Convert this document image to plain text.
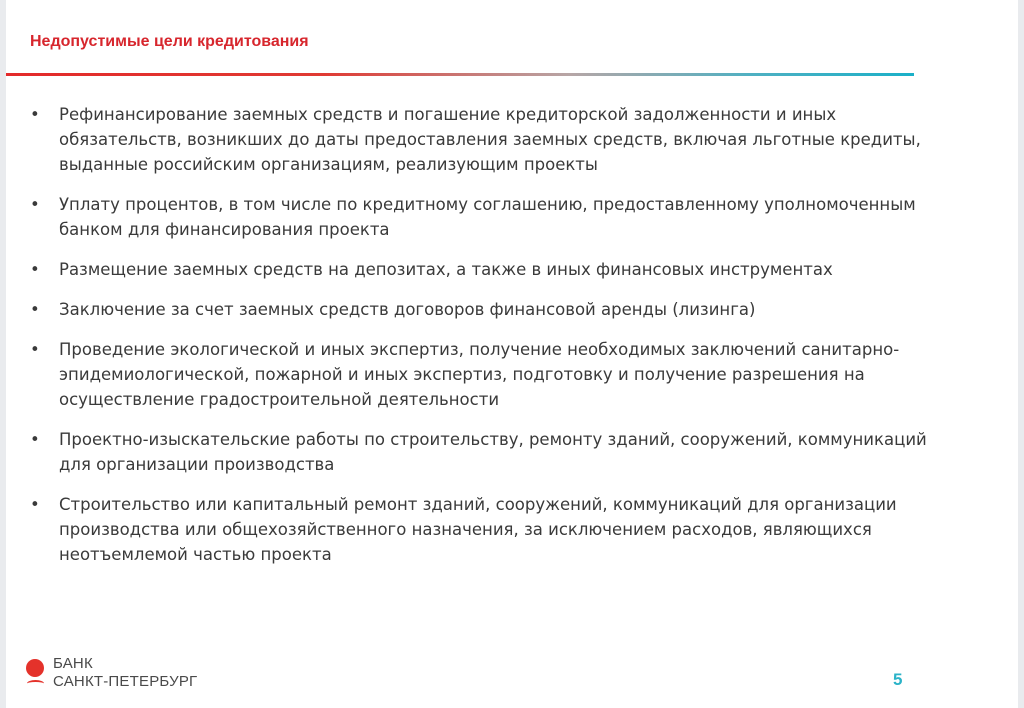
Недопустимые цели кредитования
• Рефинансирование заемных средств и погашение кредиторской задолженности и иных обязательств, возникших до даты предоставления заемных средств, включая льготные кредиты, выданные российским организациям, реализующим проекты
• Уплату процентов, в том числе по кредитному соглашению, предоставленному уполномоченным банком для финансирования проекта
• Размещение заемных средств на депозитах, а также в иных финансовых инструментах
• Заключение за счет заемных средств договоров финансовой аренды (лизинга)
• Проведение экологической и иных экспертиз, получение необходимых заключений санитарно-эпидемиологической, пожарной и иных экспертиз, подготовку и получение разрешения на осуществление градостроительной деятельности
• Проектно-изыскательские работы по строительству, ремонту зданий, сооружений, коммуникаций для организации производства
• Строительство или капитальный ремонт зданий, сооружений, коммуникаций для организации производства или общехозяйственного назначения, за исключением расходов, являющихся неотъемлемой частью проекта
БАНК
САНКТ-ПЕТЕРБУРГ	5
